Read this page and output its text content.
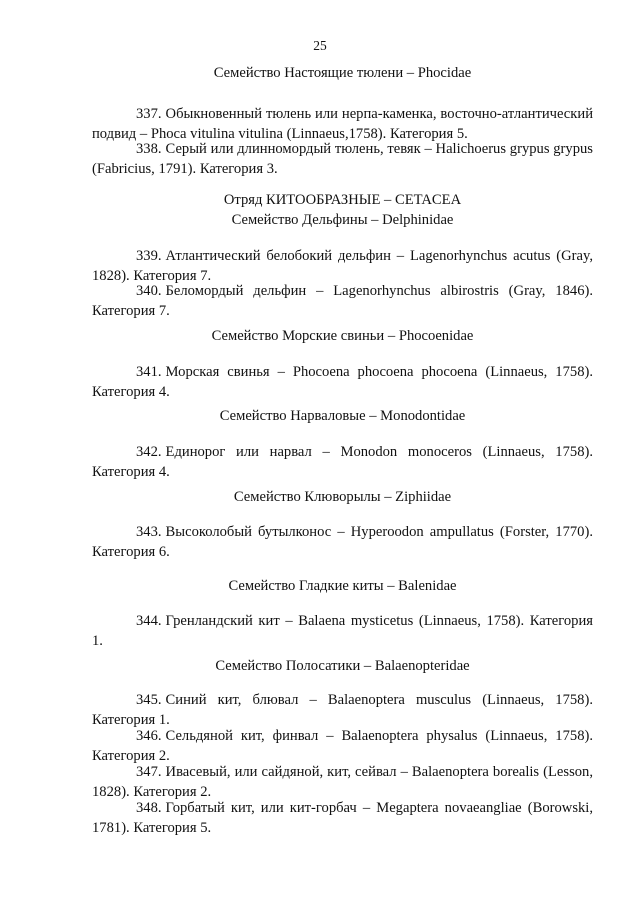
25
Семейство Настоящие тюлени – Phocidae
337. Обыкновенный тюлень или нерпа-каменка, восточно-атлантический подвид – Phoca vitulina vitulina (Linnaeus,1758). Категория 5.
338. Серый или длинномордый тюлень, тевяк – Halichoerus grypus grypus (Fabricius, 1791). Категория 3.
Отряд КИТООБРАЗНЫЕ – CETACEA
Семейство Дельфины – Delphinidae
339. Атлантический белобокий дельфин – Lagenorhynchus acutus (Gray, 1828). Категория 7.
340. Беломордый дельфин – Lagenorhynchus albirostris (Gray, 1846). Категория 7.
Семейство Морские свиньи – Phocoenidae
341. Морская свинья – Phocoena phocoena phocoena (Linnaeus, 1758). Категория 4.
Семейство Нарваловые – Monodontidae
342. Единорог или нарвал – Monodon monoceros (Linnaeus, 1758). Категория 4.
Семейство Клюворылы – Ziphiidae
343. Высоколобый бутылконос – Hyperoodon ampullatus (Forster, 1770). Категория 6.
Семейство Гладкие киты – Balenidae
344. Гренландский кит – Balaena mysticetus (Linnaeus, 1758). Категория 1.
Семейство Полосатики – Balaenopteridae
345. Синий кит, блювал – Balaenoptera musculus (Linnaeus, 1758). Категория 1.
346. Сельдяной кит, финвал – Balaenoptera physalus (Linnaeus, 1758). Категория 2.
347. Ивасевый, или сайдяной, кит, сейвал – Balaenoptera borealis (Lesson, 1828). Категория 2.
348. Горбатый кит, или кит-горбач – Megaptera novaeangliae (Borowski, 1781). Категория 5.
